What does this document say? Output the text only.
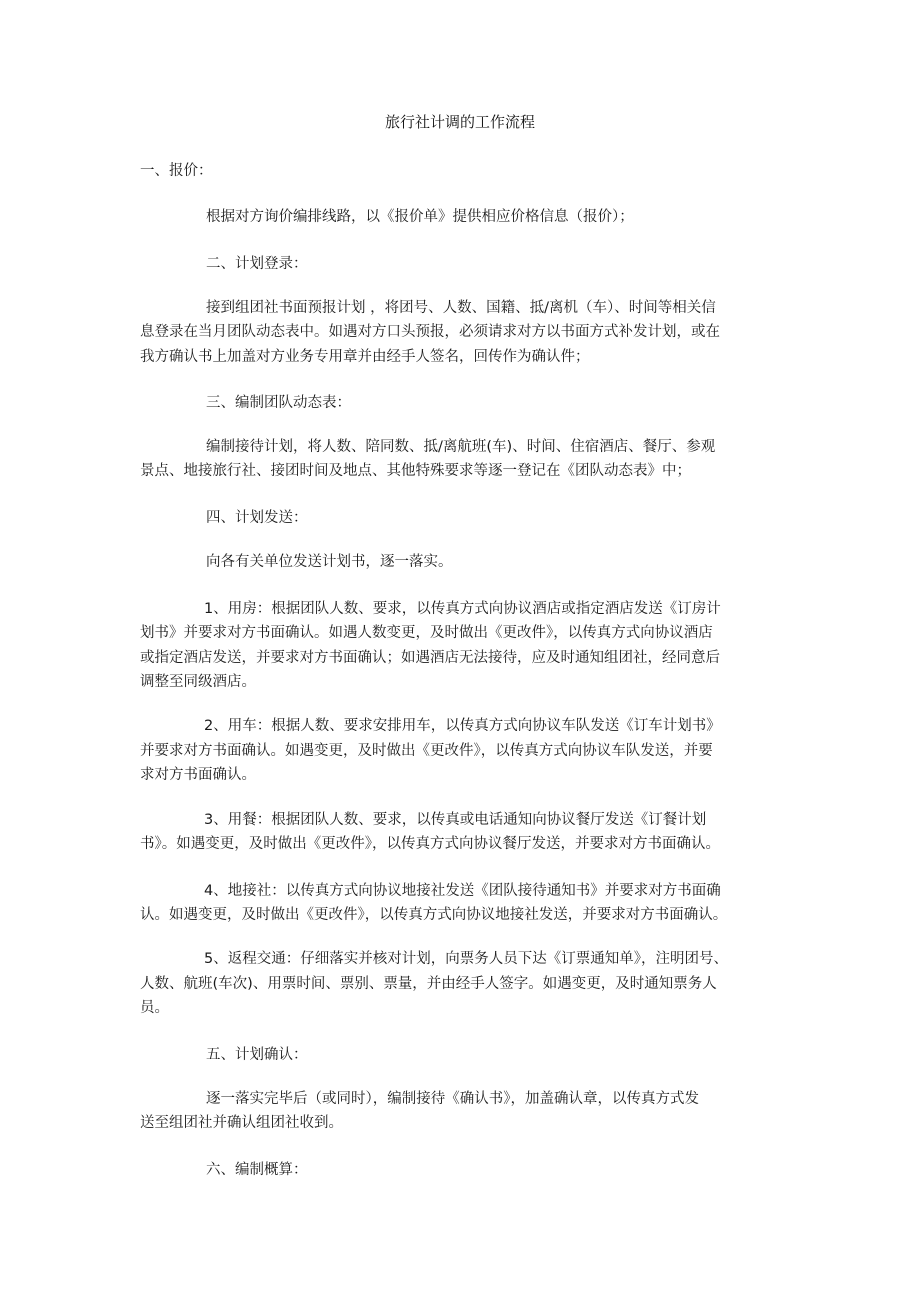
旅行社计调的工作流程
一、报价：
根据对方询价编排线路，以《报价单》提供相应价格信息（报价）；
二、计划登录：
接到组团社书面预报计划 ，将团号、人数、国籍、抵/离机（车）、时间等相关信
息登录在当月团队动态表中。如遇对方口头预报，必须请求对方以书面方式补发计划，或在
我方确认书上加盖对方业务专用章并由经手人签名，回传作为确认件；
三、编制团队动态表：
编制接待计划，将人数、陪同数、抵/离航班(车)、时间、住宿酒店、餐厅、参观
景点、地接旅行社、接团时间及地点、其他特殊要求等逐一登记在《团队动态表》中；
四、计划发送：
向各有关单位发送计划书，逐一落实。
1、用房：根据团队人数、要求，以传真方式向协议酒店或指定酒店发送《订房计
划书》并要求对方书面确认。如遇人数变更，及时做出《更改件》，以传真方式向协议酒店
或指定酒店发送，并要求对方书面确认；如遇酒店无法接待，应及时通知组团社，经同意后
调整至同级酒店。
2、用车：根据人数、要求安排用车，以传真方式向协议车队发送《订车计划书》
并要求对方书面确认。如遇变更，及时做出《更改件》，以传真方式向协议车队发送，并要
求对方书面确认。
3、用餐：根据团队人数、要求，以传真或电话通知向协议餐厅发送《订餐计划
书》。如遇变更，及时做出《更改件》，以传真方式向协议餐厅发送，并要求对方书面确认。
4、地接社：以传真方式向协议地接社发送《团队接待通知书》并要求对方书面确
认。如遇变更，及时做出《更改件》，以传真方式向协议地接社发送，并要求对方书面确认。
5、返程交通：仔细落实并核对计划，向票务人员下达《订票通知单》，注明团号、
人数、航班(车次)、用票时间、票别、票量，并由经手人签字。如遇变更，及时通知票务人
员。
五、计划确认：
逐一落实完毕后（或同时），编制接待《确认书》，加盖确认章，以传真方式发
送至组团社并确认组团社收到。
六、编制概算：
